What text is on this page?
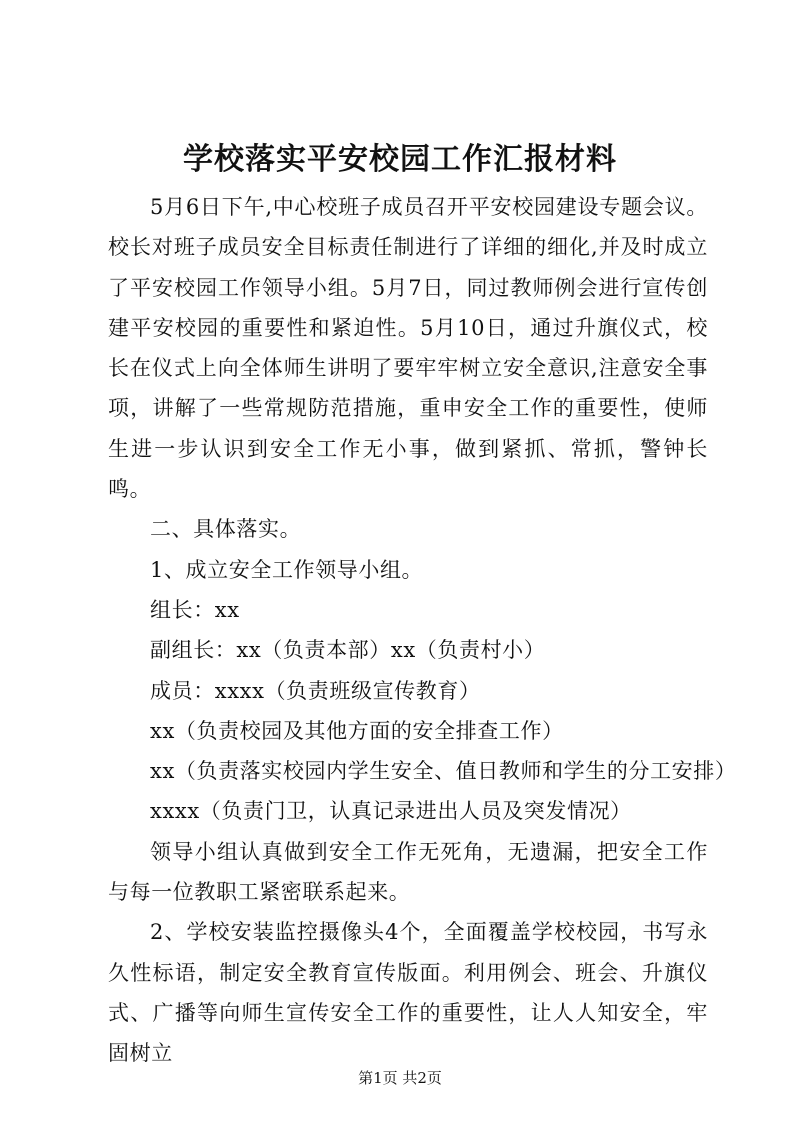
学校落实平安校园工作汇报材料

5月6日下午,中心校班子成员召开平安校园建设专题会议。校长对班子成员安全目标责任制进行了详细的细化,并及时成立了平安校园工作领导小组。5月7日，同过教师例会进行宣传创建平安校园的重要性和紧迫性。5月10日，通过升旗仪式，校长在仪式上向全体师生讲明了要牢牢树立安全意识,注意安全事项，讲解了一些常规防范措施，重申安全工作的重要性，使师生进一步认识到安全工作无小事，做到紧抓、常抓，警钟长鸣。

二、具体落实。

1、成立安全工作领导小组。

组长：xx

副组长：xx（负责本部）xx（负责村小）

成员：xxxx（负责班级宣传教育）

xx（负责校园及其他方面的安全排查工作）

xx（负责落实校园内学生安全、值日教师和学生的分工安排）

xxxx（负责门卫，认真记录进出人员及突发情况）

领导小组认真做到安全工作无死角，无遗漏，把安全工作与每一位教职工紧密联系起来。

2、学校安装监控摄像头4个，全面覆盖学校校园，书写永久性标语，制定安全教育宣传版面。利用例会、班会、升旗仪式、广播等向师生宣传安全工作的重要性，让人人知安全，牢固树立

第1页 共2页
